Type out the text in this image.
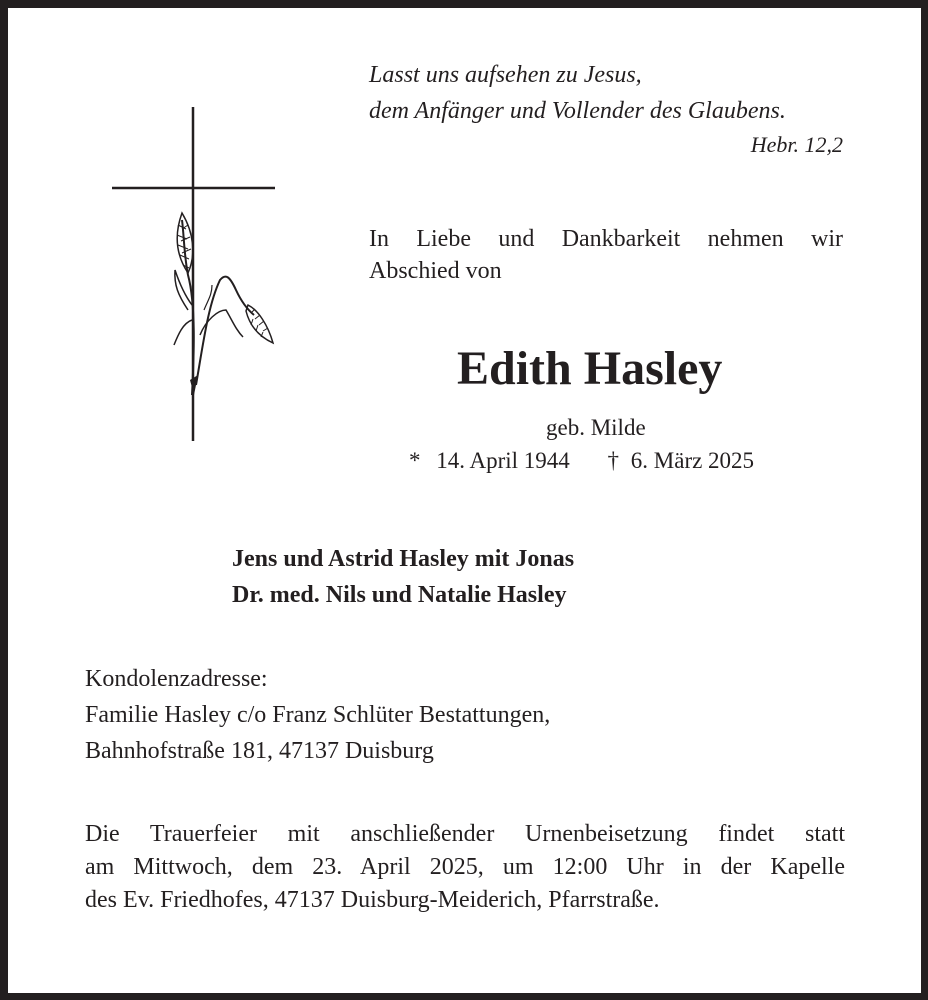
Lasst uns aufsehen zu Jesus,

dem Anfänger und Vollender des Glaubens.

Hebr. 12,2

In Liebe und Dankbarkeit nehmen wir

Abschied von

Edith Hasley

geb. Milde

* 14. April 1944 † 6. März 2025

Jens und Astrid Hasley mit Jonas

Dr. med. Nils und Natalie Hasley

Kondolenzadresse:

Familie Hasley c/o Franz Schlüter Bestattungen,

Bahnhofstraße 181, 47137 Duisburg

Die Trauerfeier mit anschließender Urnenbeisetzung findet statt

am Mittwoch, dem 23. April 2025, um 12:00 Uhr in der Kapelle

des Ev. Friedhofes, 47137 Duisburg-Meiderich, Pfarrstraße.
